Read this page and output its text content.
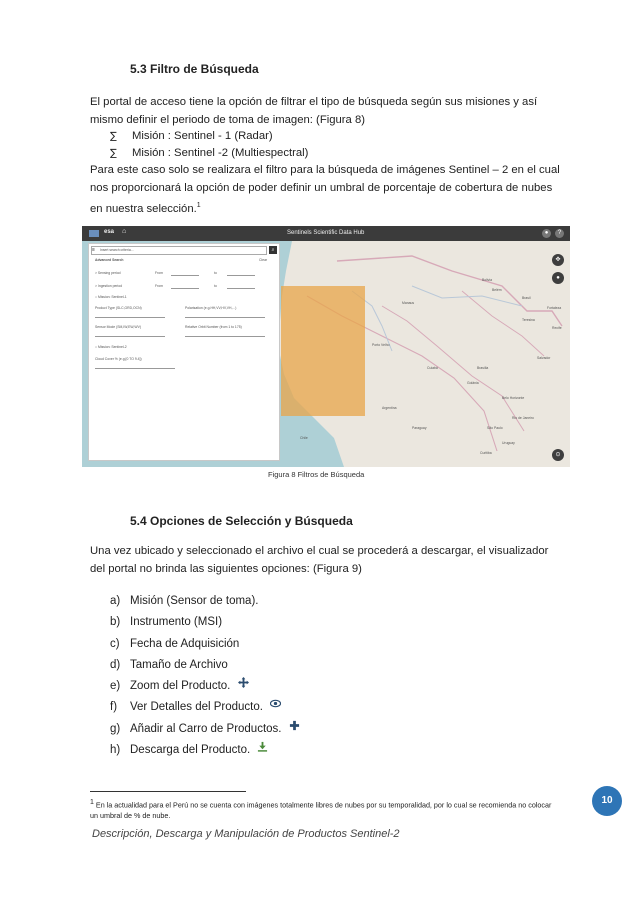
5.3 Filtro de Búsqueda
El portal de acceso tiene la opción de filtrar el tipo de búsqueda según sus misiones y así mismo definir el periodo de toma de imagen: (Figura 8)
∑ Misión : Sentinel - 1 (Radar)
∑ Misión : Sentinel -2 (Multiespectral)
Para este caso solo se realizara el filtro para la búsqueda de imágenes Sentinel – 2 en el cual nos proporcionará la opción de poder definir un umbral de porcentaje de cobertura de nubes en nuestra selección.$^1$
esa ⌂	Sentinels Scientific Data Hub	●	?
Insert search criteria...
≡	⌕
Advanced Search	Clear
> Sensing period	From	to
> Ingestion period	From	to
○ Mission: Sentinel-1
Product Type (SLC,GRD,OCN)	Polarisation (e.g.HH,VV,HV,VH,...)
Sensor Mode (SM,IW,EW,WV)	Relative Orbit Number (from 1 to 175)
○ Mission: Sentinel-2
Cloud Cover % (e.g.[0 TO 9.4])
Bolivia
Brasil
Argentina
Paraguay
Uruguay
Chile
Recife
Salvador
Brasília
Goiânia
Belo Horizonte
Rio de Janeiro
São Paulo
Manaus
Porto Velho
Cuiabá
Teresina
Fortaleza
Belém
Curitiba
✥
●
⊙
Figura 8 Filtros de Búsqueda
5.4 Opciones de Selección y Búsqueda
Una vez ubicado y seleccionado el archivo el cual se procederá a descargar, el visualizador del portal no brinda las siguientes opciones: (Figura 9)
a) Misión (Sensor de toma).
b) Instrumento (MSI)
c) Fecha de Adquisición
d) Tamaño de Archivo
e) Zoom del Producto.
f) Ver Detalles del Producto.
g) Añadir al Carro de Productos.
h) Descarga del Producto.
$^1$ En la actualidad para el Perú no se cuenta con imágenes totalmente libres de nubes por su temporalidad, por lo cual se recomienda no colocar un umbral de % de nube.
10
Descripción, Descarga y Manipulación de Productos Sentinel-2
